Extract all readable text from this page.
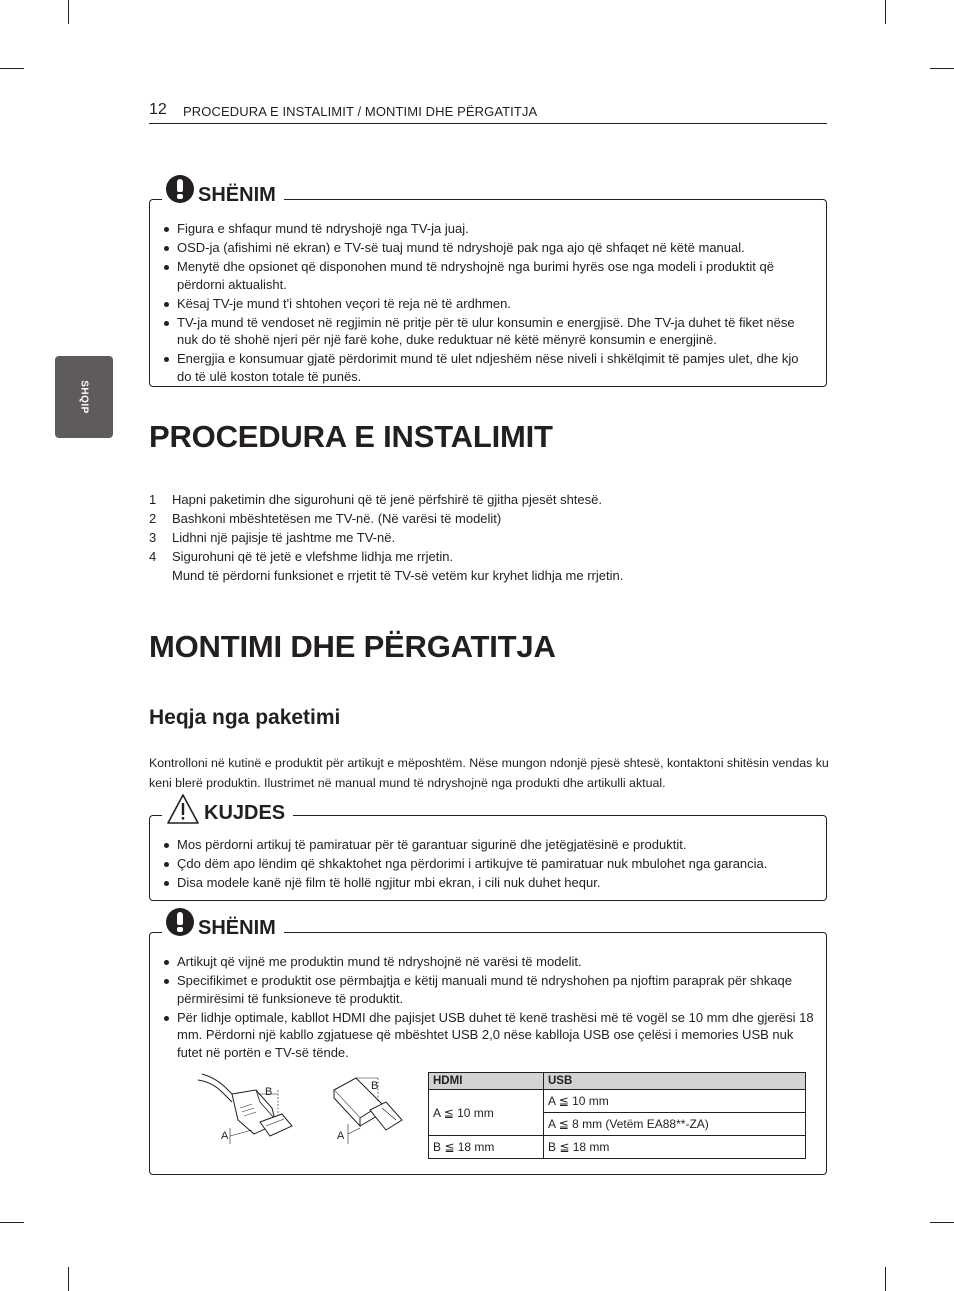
12 PROCEDURA E INSTALIMIT / MONTIMI DHE PËRGATITJA
SHQIP
SHËNIM
Figura e shfaqur mund të ndryshojë nga TV-ja juaj.
OSD-ja (afishimi në ekran) e TV-së tuaj mund të ndryshojë pak nga ajo që shfaqet në këtë manual.
Menytë dhe opsionet që disponohen mund të ndryshojnë nga burimi hyrës ose nga modeli i produktit që përdorni aktualisht.
Kësaj TV-je mund t'i shtohen veçori të reja në të ardhmen.
TV-ja mund të vendoset në regjimin në pritje për të ulur konsumin e energjisë. Dhe TV-ja duhet të fiket nëse nuk do të shohë njeri për një farë kohe, duke reduktuar në këtë mënyrë konsumin e energjinë.
Energjia e konsumuar gjatë përdorimit mund të ulet ndjeshëm nëse niveli i shkëlqimit të pamjes ulet, dhe kjo do të ulë koston totale të punës.
PROCEDURA E INSTALIMIT
1 Hapni paketimin dhe sigurohuni që të jenë përfshirë të gjitha pjesët shtesë.
2 Bashkoni mbështetësen me TV-në. (Në varësi të modelit)
3 Lidhni një pajisje të jashtme me TV-në.
4 Sigurohuni që të jetë e vlefshme lidhja me rrjetin.
Mund të përdorni funksionet e rrjetit të TV-së vetëm kur kryhet lidhja me rrjetin.
MONTIMI DHE PËRGATITJA
Heqja nga paketimi

Kontrolloni në kutinë e produktit për artikujt e mëposhtëm. Nëse mungon ndonjë pjesë shtesë, kontaktoni shitësin vendas ku keni blerë produktin. Ilustrimet në manual mund të ndryshojnë nga produkti dhe artikulli aktual.

KUJDES
Mos përdorni artikuj të pamiratuar për të garantuar sigurinë dhe jetëgjatësinë e produktit.
Çdo dëm apo lëndim që shkaktohet nga përdorimi i artikujve të pamiratuar nuk mbulohet nga garancia.
Disa modele kanë një film të hollë ngjitur mbi ekran, i cili nuk duhet hequr.
SHËNIM
Artikujt që vijnë me produktin mund të ndryshojnë në varësi të modelit.
Specifikimet e produktit ose përmbajtja e këtij manuali mund të ndryshohen pa njoftim paraprak për shkaqe përmirësimi të funksioneve të produktit.
Për lidhje optimale, kabllot HDMI dhe pajisjet USB duhet të kenë trashësi më të vogël se 10 mm dhe gjerësi 18 mm. Përdorni një kabllo zgjatuese që mbështet USB 2,0 nëse kablloja USB ose çelësi i memories USB nuk futet në portën e TV-së tënde.
B
A
B
A
HDMI	USB
A ≦ 10 mm	A ≦ 10 mm
	A ≦ 8 mm (Vetëm EA88**-ZA)
B ≦ 18 mm	B ≦ 18 mm
